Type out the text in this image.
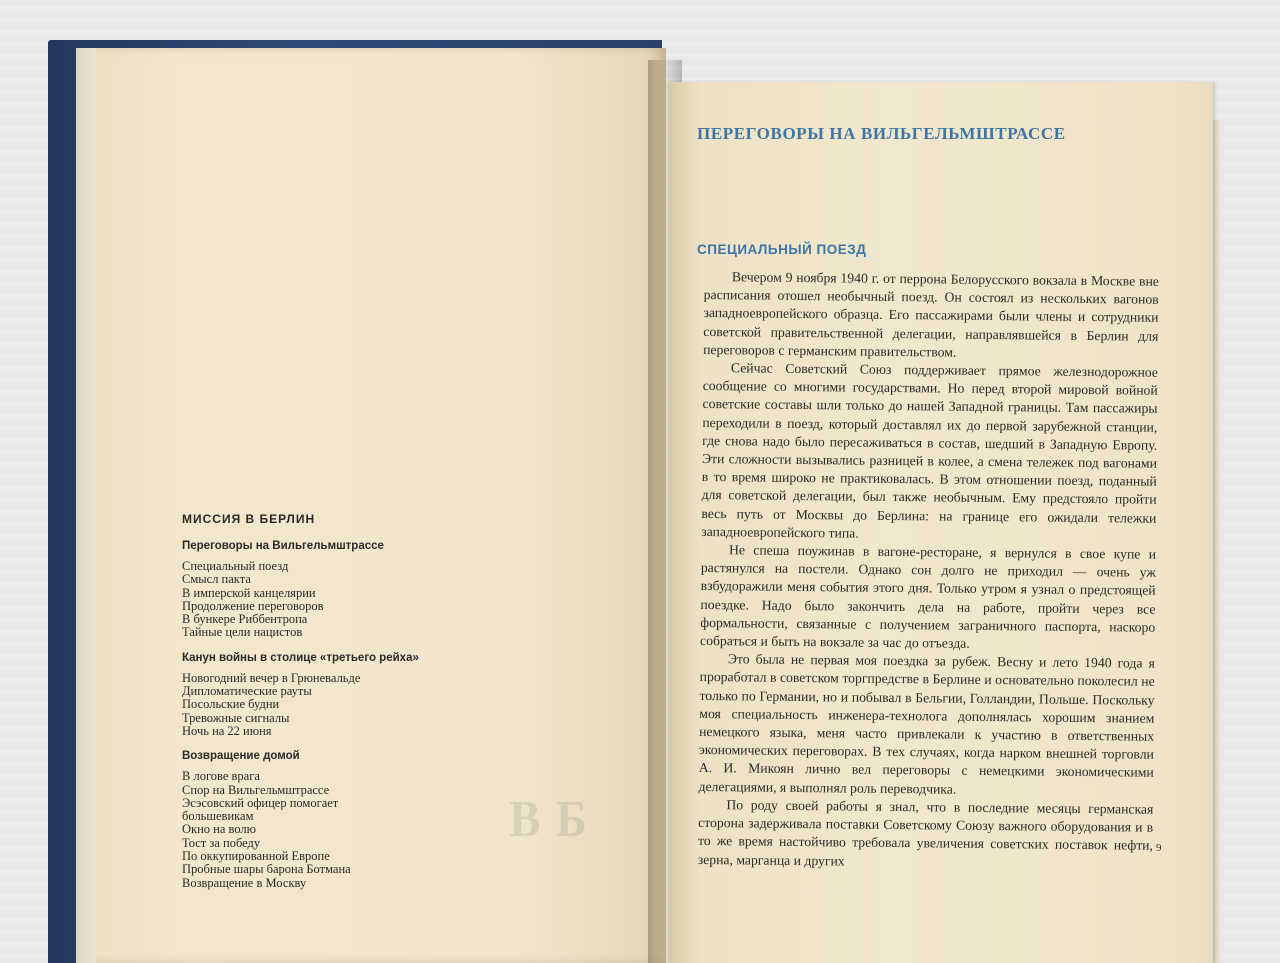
В Б
МИССИЯ В БЕРЛИН
Переговоры на Вильгельмштрассе
Специальный поезд
Смысл пакта
В имперской канцелярии
Продолжение переговоров
В бункере Риббентропа
Тайные цели нацистов
Канун войны в столице «третьего рейха»
Новогодний вечер в Грюневальде
Дипломатические рауты
Посольские будни
Тревожные сигналы
Ночь на 22 июня
Возвращение домой
В логове врага
Спор на Вильгельмштрассе
Эсэсовский офицер помогает
большевикам
Окно на волю
Тост за победу
По оккупированной Европе
Пробные шары барона Ботмана
Возвращение в Москву
ПЕРЕГОВОРЫ НА ВИЛЬГЕЛЬМШТРАССЕ
СПЕЦИАЛЬНЫЙ ПОЕЗД

Вечером 9 ноября 1940 г. от перрона Белорусского вокзала в Москве вне расписания отошел необычный поезд. Он состоял из нескольких вагонов западноевропейского образца. Его пассажирами были члены и сотрудники советской правительственной делегации, направлявшейся в Берлин для переговоров с германским правительством.

Сейчас Советский Союз поддерживает прямое железнодорожное сообщение со многими государствами. Но перед второй мировой войной советские составы шли только до нашей Западной границы. Там пассажиры переходили в поезд, который доставлял их до первой зарубежной станции, где снова надо было пересаживаться в состав, шедший в Западную Европу. Эти сложности вызывались разницей в колее, а смена тележек под вагонами в то время широко не практиковалась. В этом отношении поезд, поданный для советской делегации, был также необычным. Ему предстояло пройти весь путь от Москвы до Берлина: на границе его ожидали тележки западноевропейского типа.

Не спеша поужинав в вагоне-ресторане, я вернулся в свое купе и растянулся на постели. Однако сон долго не приходил — очень уж взбудоражили меня события этого дня. Только утром я узнал о предстоящей поездке. Надо было закончить дела на работе, пройти через все формальности, связанные с получением заграничного паспорта, наскоро собраться и быть на вокзале за час до отъезда.

Это была не первая моя поездка за рубеж. Весну и лето 1940 года я проработал в советском торгпредстве в Берлине и основательно поколесил не только по Германии, но и побывал в Бельгии, Голландии, Польше. Поскольку моя специальность инженера-технолога дополнялась хорошим знанием немецкого языка, меня часто привлекали к участию в ответственных экономических переговорах. В тех случаях, когда нарком внешней торговли А. И. Микоян лично вел переговоры с немецкими экономическими делегациями, я выполнял роль переводчика.

По роду своей работы я знал, что в последние месяцы германская сторона задерживала поставки Советскому Союзу важного оборудования и в то же время настойчиво требовала увеличения советских поставок нефти, зерна, марганца и других

9
